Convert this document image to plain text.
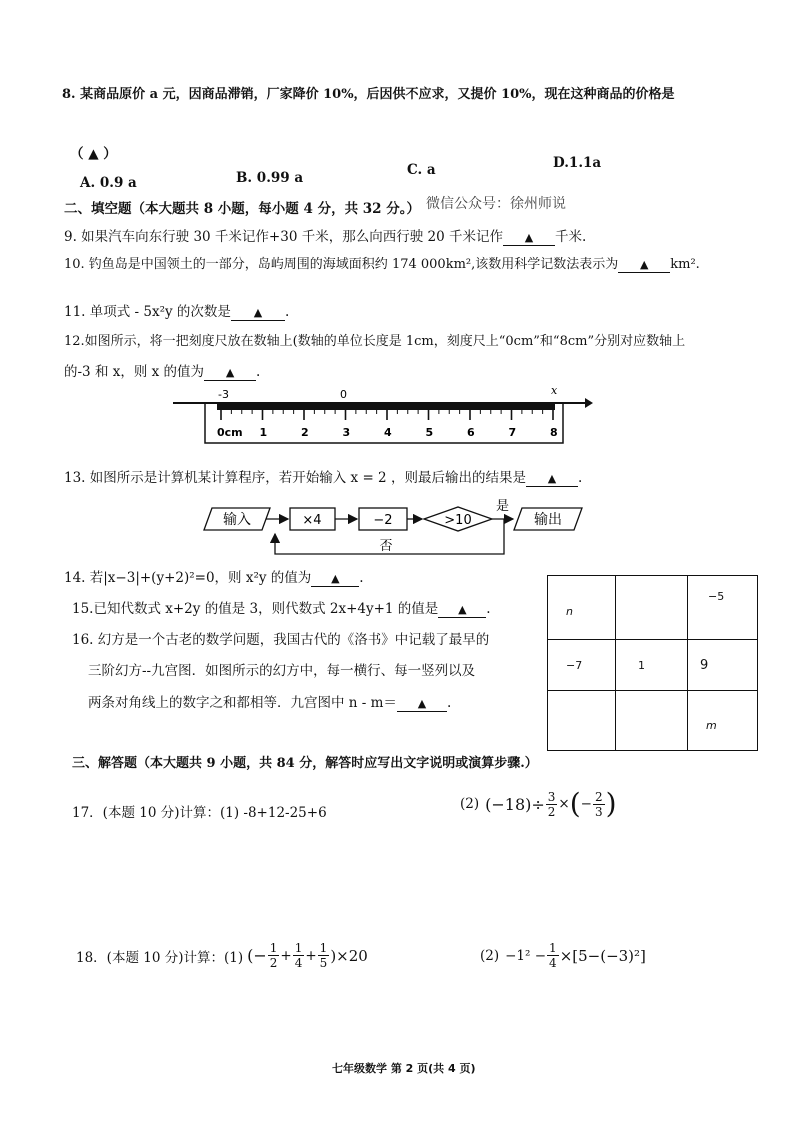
8. 某商品原价 a 元，因商品滞销，厂家降价 10%，后因供不应求，又提价 10%，现在这种商品的价格是
（ ▲ ）
A. 0.9 a	B. 0.99 a	C. a	D.1.1a
二、填空题（本大题共 8 小题，每小题 4 分，共 32 分。） 微信公众号：徐州师说
9. 如果汽车向东行驶 30 千米记作+30 千米，那么向西行驶 20 千米记作 ▲ 千米.
10. 钓鱼岛是中国领土的一部分，岛屿周围的海域面积约 174 000km²,该数用科学记数法表示为 ▲ km².
11. 单项式 - 5x²y 的次数是 ▲ .
12.如图所示，将一把刻度尺放在数轴上(数轴的单位长度是 1cm，刻度尺上“0cm”和“8cm”分别对应数轴上
的-3 和 x，则 x 的值为 ▲ .
-3	0	x
0cm 1	2	3	4	5	6	7	8
13. 如图所示是计算机某计算程序，若开始输入 x = 2 ，则最后输出的结果是 ▲ .
输入	×4	−2	>10
是
输出
否
14. 若|x−3|+(y+2)²=0，则 x²y 的值为 ▲ .
15.已知代数式 x+2y 的值是 3，则代数式 2x+4y+1 的值是 ▲ .
16. 幻方是一个古老的数学问题，我国古代的《洛书》中记载了最早的
三阶幻方--九宫图．如图所示的幻方中，每一横行、每一竖列以及
两条对角线上的数字之和都相等．九宫图中 n - m＝ ▲ .
n		−5
−7	1	9
		m
三、解答题（本大题共 9 小题，共 84 分，解答时应写出文字说明或演算步骤.）
17．(本题 10 分)计算：(1) -8+12-25+6
(2) $(-18)\div \frac{3}{2}$ × ( − $\frac{2}{3}$ )
18．(本题 10 分)计算：(1) (− $\frac{1}{2} + \frac{1}{4} + \frac{1}{5} )\times 20$	$(2) -1^2 - \frac{1}{4} \times[5-(-3)^2]$
七年级数学 第 2 页(共 4 页)
